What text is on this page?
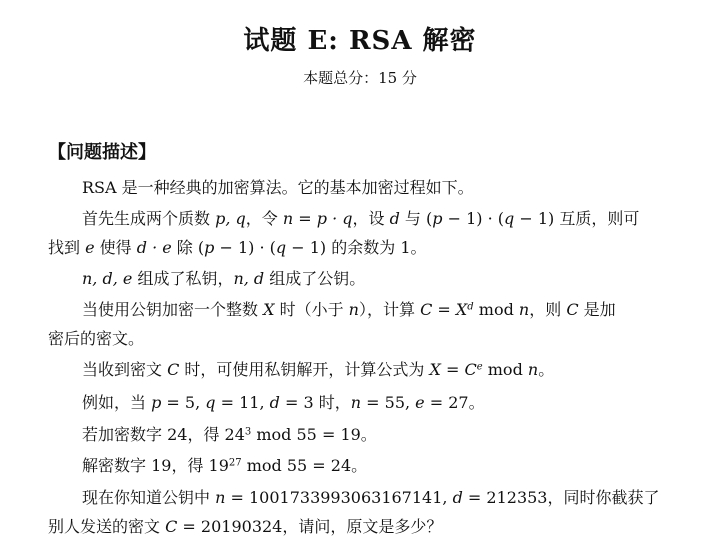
试题 E: RSA 解密
本题总分：15 分
【问题描述】
RSA 是一种经典的加密算法。它的基本加密过程如下。
首先生成两个质数 p, q，令 n = p · q，设 d 与 (p − 1) · (q − 1) 互质，则可
找到 e 使得 d · e 除 (p − 1) · (q − 1) 的余数为 1。
n, d, e 组成了私钥，n, d 组成了公钥。
当使用公钥加密一个整数 X 时（小于 n），计算 $C = X^d$ mod n，则 C 是加
密后的密文。
当收到密文 C 时，可使用私钥解开，计算公式为 $X = C^e$ mod n。
例如，当 p = 5, q = 11, d = 3 时，n = 55, e = 27。
若加密数字 24，得 $24^3$ mod 55 = 19。
解密数字 19，得 $19^{27}$ mod 55 = 24。
现在你知道公钥中 n = 1001733993063167141, d = 212353，同时你截获了
别人发送的密文 C = 20190324，请问，原文是多少？
